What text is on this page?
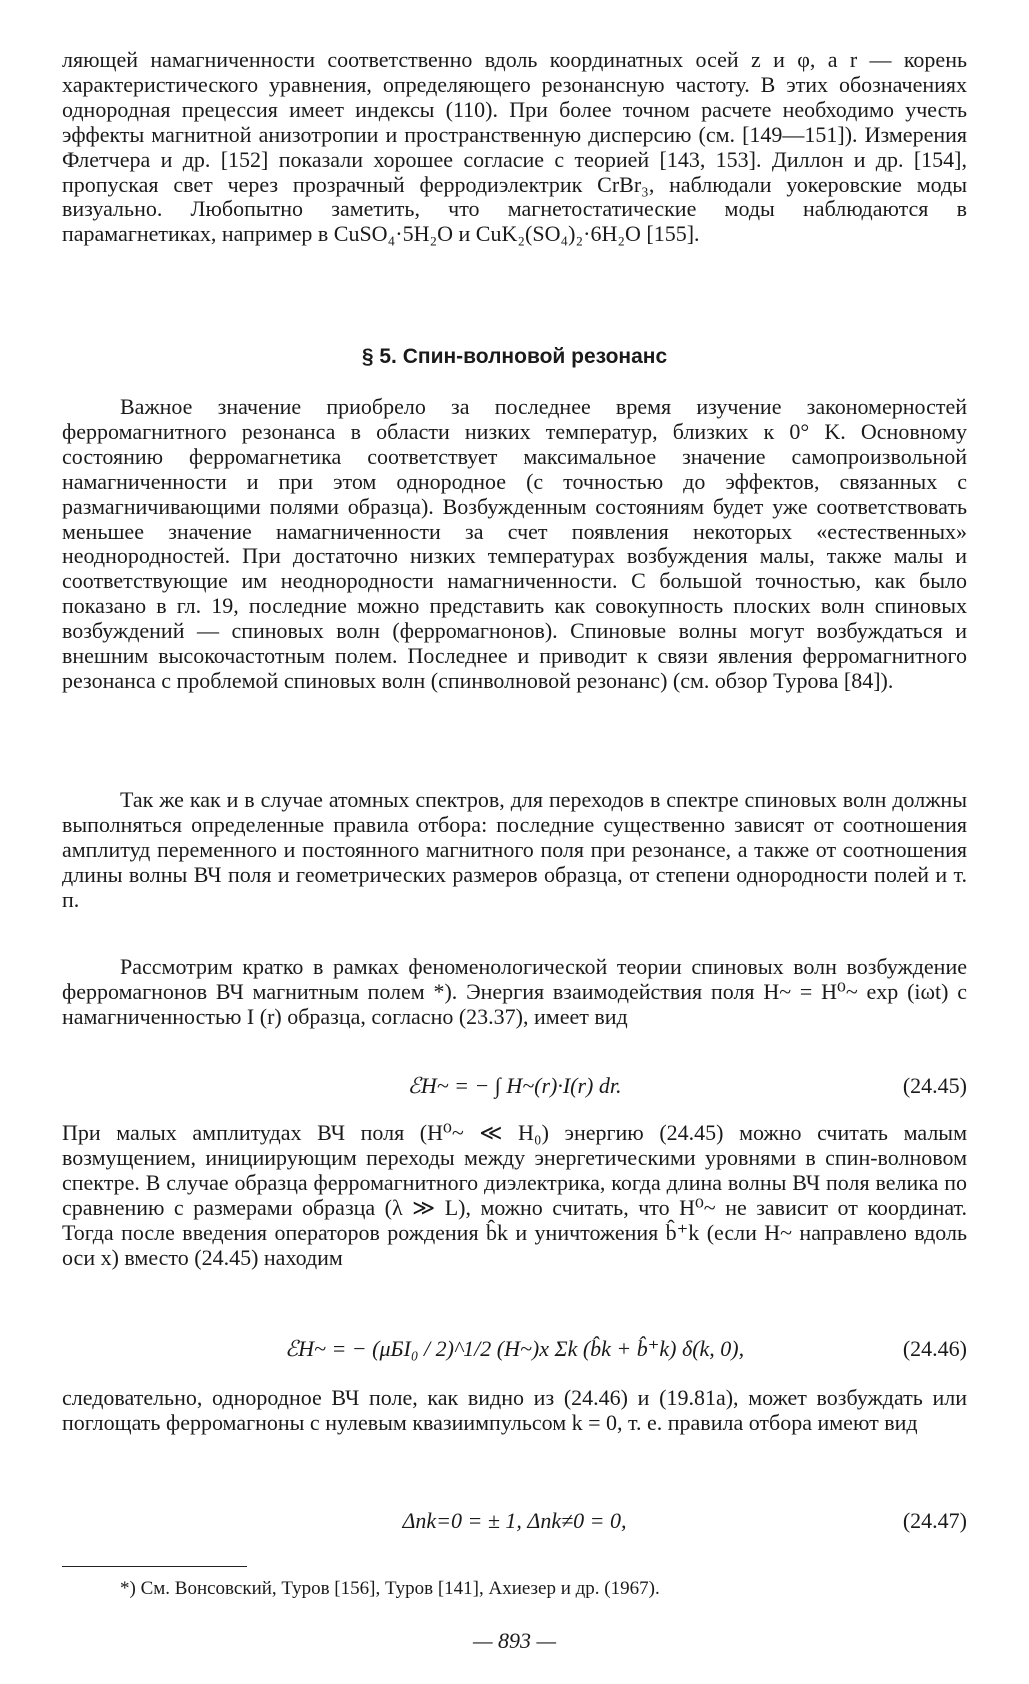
ляющей намагниченности соответственно вдоль координатных осей z и φ, а r — корень характеристического уравнения, определяющего резонансную частоту. В этих обозначениях однородная прецессия имеет индексы (110). При более точном расчете необходимо учесть эффекты магнитной анизотропии и пространственную дисперсию (см. [149—151]). Измерения Флетчера и др. [152] показали хорошее согласие с теорией [143, 153]. Диллон и др. [154], пропуская свет через прозрачный ферродиэлектрик CrBr₃, наблюдали уокеровские моды визуально. Любопытно заметить, что магнетостатические моды наблюдаются в парамагнетиках, например в CuSO₄·5H₂O и CuK₂(SO₄)₂·6H₂O [155].

§ 5. Спин-волновой резонанс

Важное значение приобрело за последнее время изучение закономерностей ферромагнитного резонанса в области низких температур, близких к 0° K. Основному состоянию ферромагнетика соответствует максимальное значение самопроизвольной намагниченности и при этом однородное (с точностью до эффектов, связанных с размагничивающими полями образца). Возбужденным состояниям будет уже соответствовать меньшее значение намагниченности за счет появления некоторых «естественных» неоднородностей. При достаточно низких температурах возбуждения малы, также малы и соответствующие им неоднородности намагниченности. С большой точностью, как было показано в гл. 19, последние можно представить как совокупность плоских волн спиновых возбуждений — спиновых волн (ферромагнонов). Спиновые волны могут возбуждаться и внешним высокочастотным полем. Последнее и приводит к связи явления ферромагнитного резонанса с проблемой спиновых волн (спинволновой резонанс) (см. обзор Турова [84]).

Так же как и в случае атомных спектров, для переходов в спектре спиновых волн должны выполняться определенные правила отбора: последние существенно зависят от соотношения амплитуд переменного и постоянного магнитного поля при резонансе, а также от соотношения длины волны ВЧ поля и геометрических размеров образца, от степени однородности полей и т. п.

Рассмотрим кратко в рамках феноменологической теории спиновых волн возбуждение ферромагнонов ВЧ магнитным полем *). Энергия взаимодействия поля H~ = H⁰~ exp (iωt) с намагниченностью I (r) образца, согласно (23.37), имеет вид

ℰH~ = − ∫ H~(r)·I(r) dr.	(24.45)

При малых амплитудах ВЧ поля (H⁰~ ≪ H₀) энергию (24.45) можно считать малым возмущением, инициирующим переходы между энергетическими уровнями в спин-волновом спектре. В случае образца ферромагнитного диэлектрика, когда длина волны ВЧ поля велика по сравнению с размерами образца (λ ≫ L), можно считать, что H⁰~ не зависит от координат. Тогда после введения операторов рождения b̂k и уничтожения b̂⁺k (если H~ направлено вдоль оси x) вместо (24.45) находим

ℰH~ = − (μБI₀ / 2)^1/2 (H~)x Σk (b̂k + b̂⁺k) δ(k, 0),	(24.46)

следовательно, однородное ВЧ поле, как видно из (24.46) и (19.81а), может возбуждать или поглощать ферромагноны с нулевым квазиимпульсом k = 0, т. е. правила отбора имеют вид

Δnk=0 = ± 1, Δnk≠0 = 0,	(24.47)
*) См. Вонсовский, Туров [156], Туров [141], Ахиезер и др. (1967).
— 893 —
